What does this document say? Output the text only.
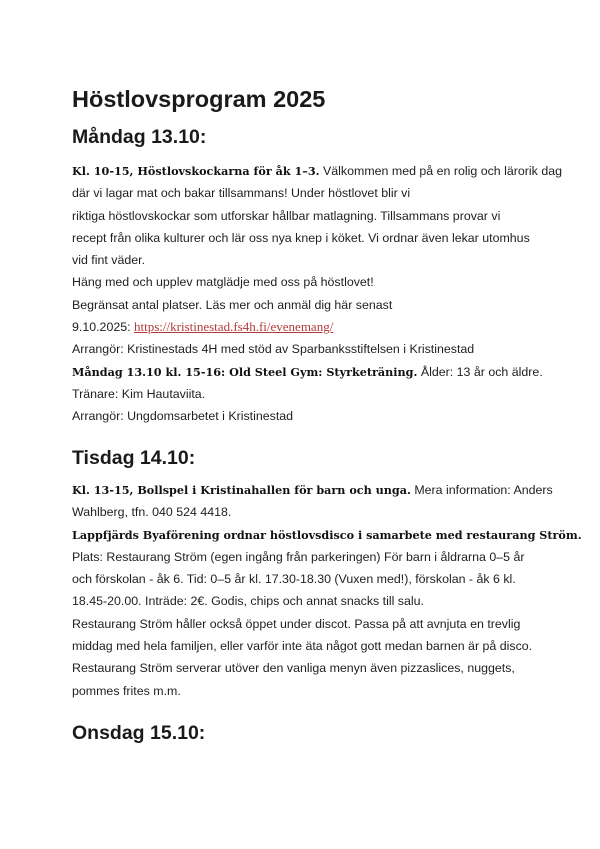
Höstlovsprogram 2025
Måndag 13.10:
Kl. 10-15, Höstlovskockarna för åk 1–3. Välkommen med på en rolig och lärorik dag
där vi lagar mat och bakar tillsammans! Under höstlovet blir vi
riktiga höstlovskockar som utforskar hållbar matlagning. Tillsammans provar vi
recept från olika kulturer och lär oss nya knep i köket. Vi ordnar även lekar utomhus
vid fint väder.
Häng med och upplev matglädje med oss på höstlovet!
Begränsat antal platser. Läs mer och anmäl dig här senast
9.10.2025: https://kristinestad.fs4h.fi/evenemang/
Arrangör: Kristinestads 4H med stöd av Sparbanksstiftelsen i Kristinestad
Måndag 13.10 kl. 15-16: Old Steel Gym: Styrketräning. Ålder: 13 år och äldre.
Tränare: Kim Hautaviita.
Arrangör: Ungdomsarbetet i Kristinestad
Tisdag 14.10:
Kl. 13-15, Bollspel i Kristinahallen för barn och unga. Mera information: Anders
Wahlberg, tfn. 040 524 4418.
Lappfjärds Byaförening ordnar höstlovsdisco i samarbete med restaurang Ström.
Plats: Restaurang Ström (egen ingång från parkeringen) För barn i åldrarna 0–5 år
och förskolan - åk 6. Tid: 0–5 år kl. 17.30-18.30 (Vuxen med!), förskolan - åk 6 kl.
18.45-20.00. Inträde: 2€. Godis, chips och annat snacks till salu.
Restaurang Ström håller också öppet under discot. Passa på att avnjuta en trevlig
middag med hela familjen, eller varför inte äta något gott medan barnen är på disco.
Restaurang Ström serverar utöver den vanliga menyn även pizzaslices, nuggets,
pommes frites m.m.
Onsdag 15.10:
